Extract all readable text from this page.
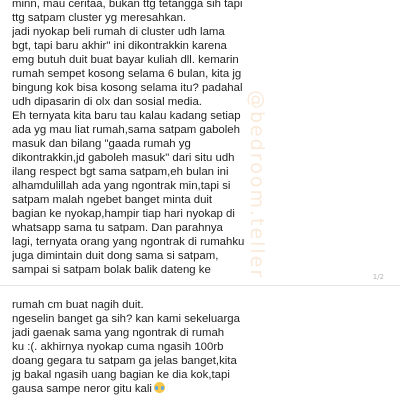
minn, mau ceritaa, bukan ttg tetangga sih tapi
ttg satpam cluster yg meresahkan.
jadi nyokap beli rumah di cluster udh lama
bgt, tapi baru akhir" ini dikontrakkin karena
emg butuh duit buat bayar kuliah dll. kemarin
rumah sempet kosong selama 6 bulan, kita jg
bingung kok bisa kosong selama itu? padahal
udh dipasarin di olx dan sosial media.
Eh ternyata kita baru tau kalau kadang setiap
ada yg mau liat rumah,sama satpam gaboleh
masuk dan bilang "gaada rumah yg
dikontrakkin,jd gaboleh masuk" dari situ udh
ilang respect bgt sama satpam,eh bulan ini
alhamdulillah ada yang ngontrak min,tapi si
satpam malah ngebet banget minta duit
bagian ke nyokap,hampir tiap hari nyokap di
whatsapp sama tu satpam. Dan parahnya
lagi, ternyata orang yang ngontrak di rumahku
juga dimintain duit dong sama si satpam,
sampai si satpam bolak balik dateng ke
1/2
rumah cm buat nagih duit.
ngeselin banget ga sih? kan kami sekeluarga
jadi gaenak sama yang ngontrak di rumah
ku :(. akhirnya nyokap cuma ngasih 100rb
doang gegara tu satpam ga jelas banget,kita
jg bakal ngasih uang bagian ke dia kok,tapi
gausa sampe neror gitu kali
@bedroom.teller
